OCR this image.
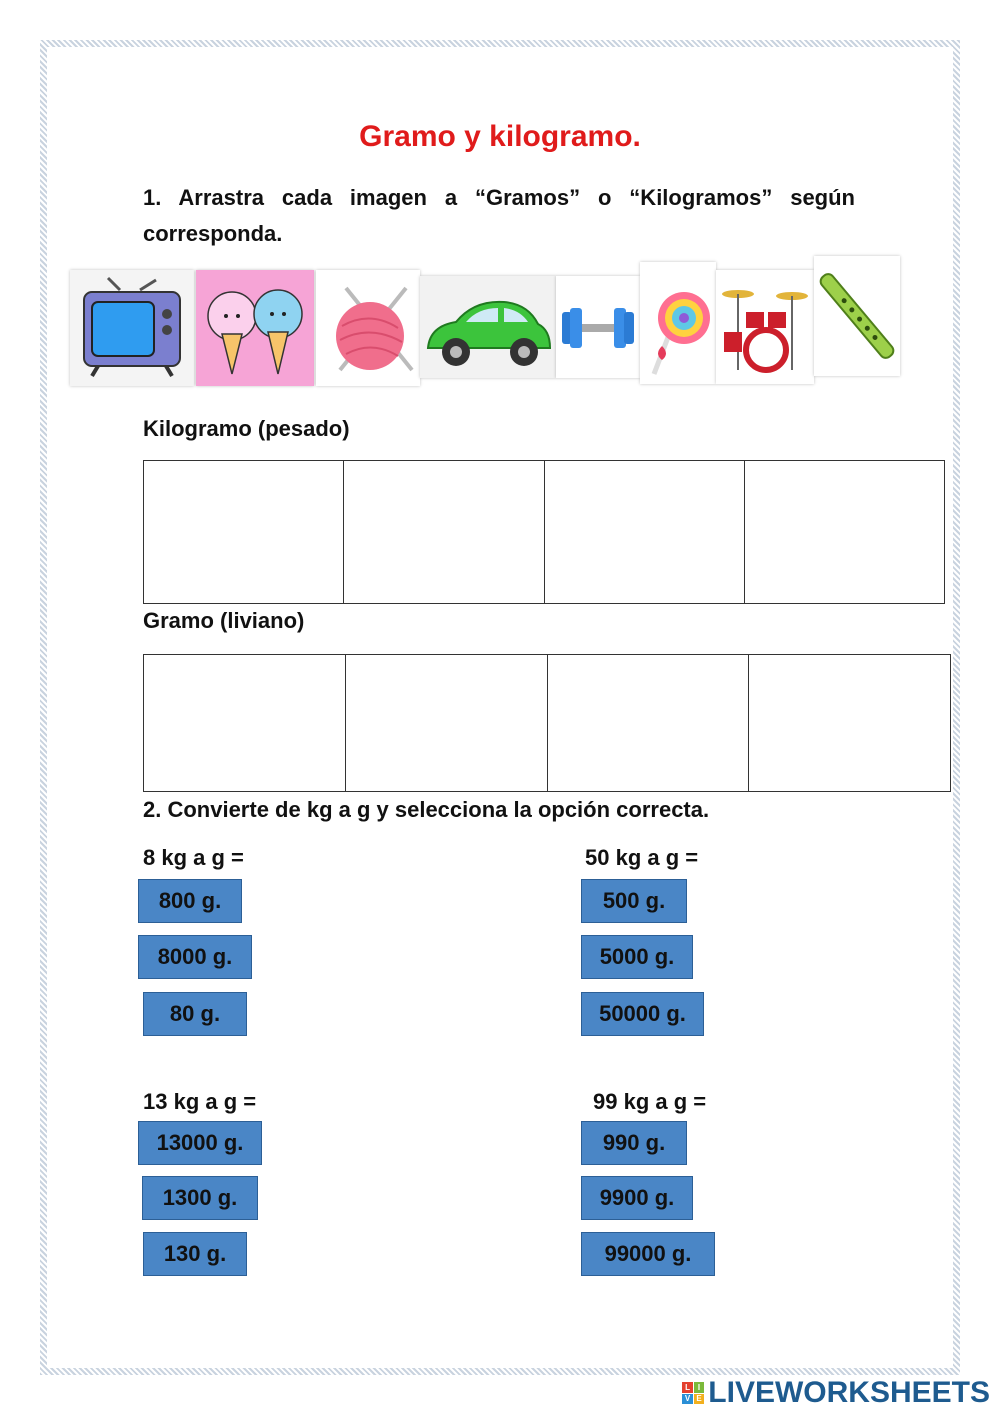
Gramo y kilogramo.
1. Arrastra cada imagen a “Gramos” o “Kilogramos” según corresponda.
Kilogramo (pesado)
Gramo (liviano)
2. Convierte de kg a g y selecciona la opción correcta.
8 kg a g =
800 g.
8000 g.
80 g.
50 kg a g =
500 g.
5000 g.
50000 g.
13 kg a g =
13000 g.
1300 g.
130 g.
99 kg a g =
990 g.
9900 g.
99000 g.
L I
V E LIVEWORKSHEETS
